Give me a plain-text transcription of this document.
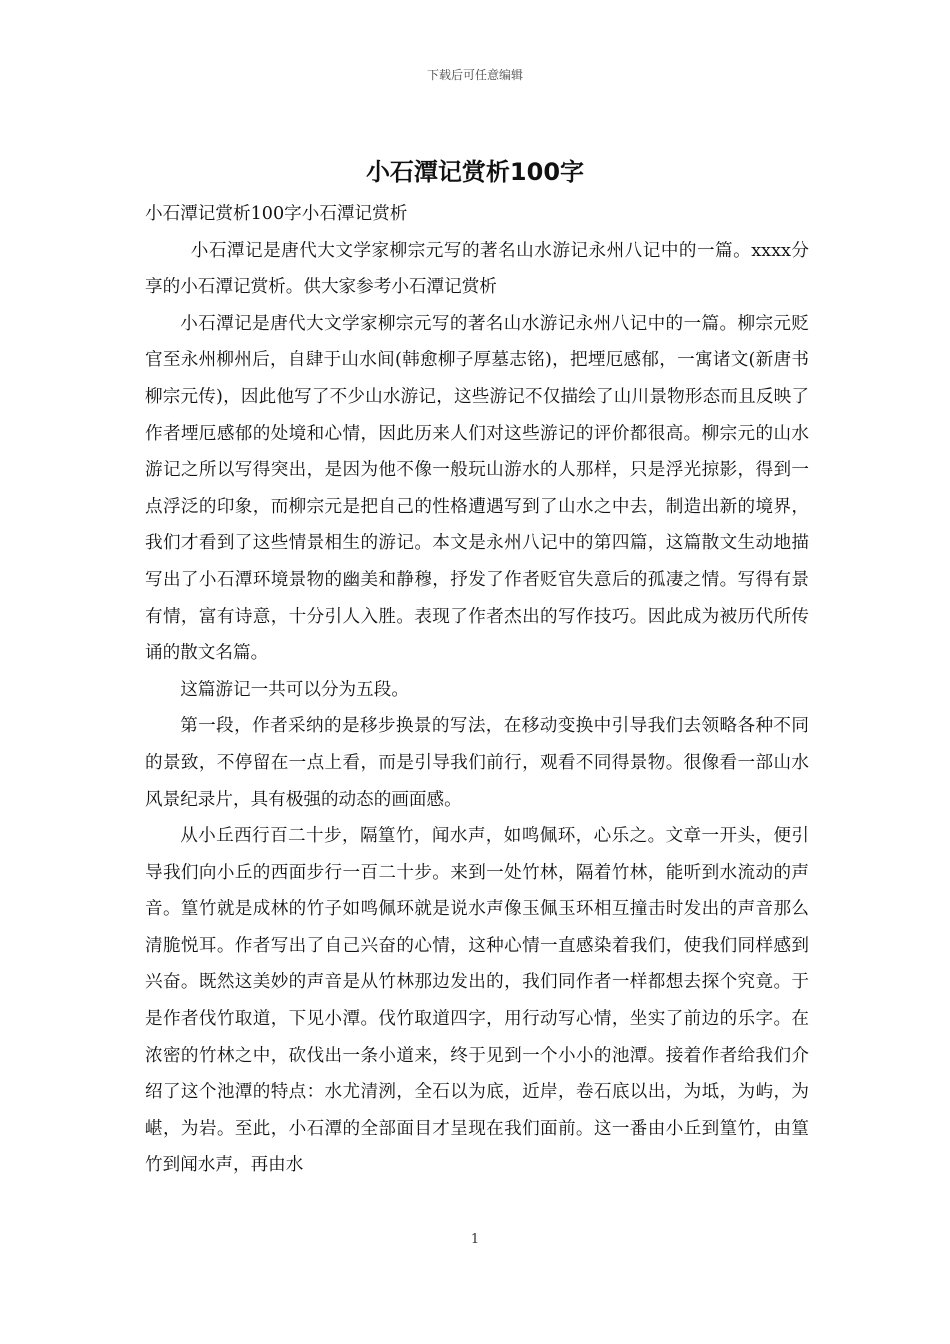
下载后可任意编辑
小石潭记赏析100字

小石潭记赏析100字小石潭记赏析

小石潭记是唐代大文学家柳宗元写的著名山水游记永州八记中的一篇。xxxx分享的小石潭记赏析。供大家参考小石潭记赏析

小石潭记是唐代大文学家柳宗元写的著名山水游记永州八记中的一篇。柳宗元贬官至永州柳州后，自肆于山水间(韩愈柳子厚墓志铭)，把堙厄感郁，一寓诸文(新唐书柳宗元传)，因此他写了不少山水游记，这些游记不仅描绘了山川景物形态而且反映了作者堙厄感郁的处境和心情，因此历来人们对这些游记的评价都很高。柳宗元的山水游记之所以写得突出，是因为他不像一般玩山游水的人那样，只是浮光掠影，得到一点浮泛的印象，而柳宗元是把自己的性格遭遇写到了山水之中去，制造出新的境界，我们才看到了这些情景相生的游记。本文是永州八记中的第四篇，这篇散文生动地描写出了小石潭环境景物的幽美和静穆，抒发了作者贬官失意后的孤凄之情。写得有景有情，富有诗意，十分引人入胜。表现了作者杰出的写作技巧。因此成为被历代所传诵的散文名篇。

这篇游记一共可以分为五段。

第一段，作者采纳的是移步换景的写法，在移动变换中引导我们去领略各种不同的景致，不停留在一点上看，而是引导我们前行，观看不同得景物。很像看一部山水风景纪录片，具有极强的动态的画面感。

从小丘西行百二十步，隔篁竹，闻水声，如鸣佩环，心乐之。文章一开头，便引导我们向小丘的西面步行一百二十步。来到一处竹林，隔着竹林，能听到水流动的声音。篁竹就是成林的竹子如鸣佩环就是说水声像玉佩玉环相互撞击时发出的声音那么清脆悦耳。作者写出了自己兴奋的心情，这种心情一直感染着我们，使我们同样感到兴奋。既然这美妙的声音是从竹林那边发出的，我们同作者一样都想去探个究竟。于是作者伐竹取道，下见小潭。伐竹取道四字，用行动写心情，坐实了前边的乐字。在浓密的竹林之中，砍伐出一条小道来，终于见到一个小小的池潭。接着作者给我们介绍了这个池潭的特点：水尤清洌，全石以为底，近岸，卷石底以出，为坻，为屿，为嵁，为岩。至此，小石潭的全部面目才呈现在我们面前。这一番由小丘到篁竹，由篁竹到闻水声，再由水

1
